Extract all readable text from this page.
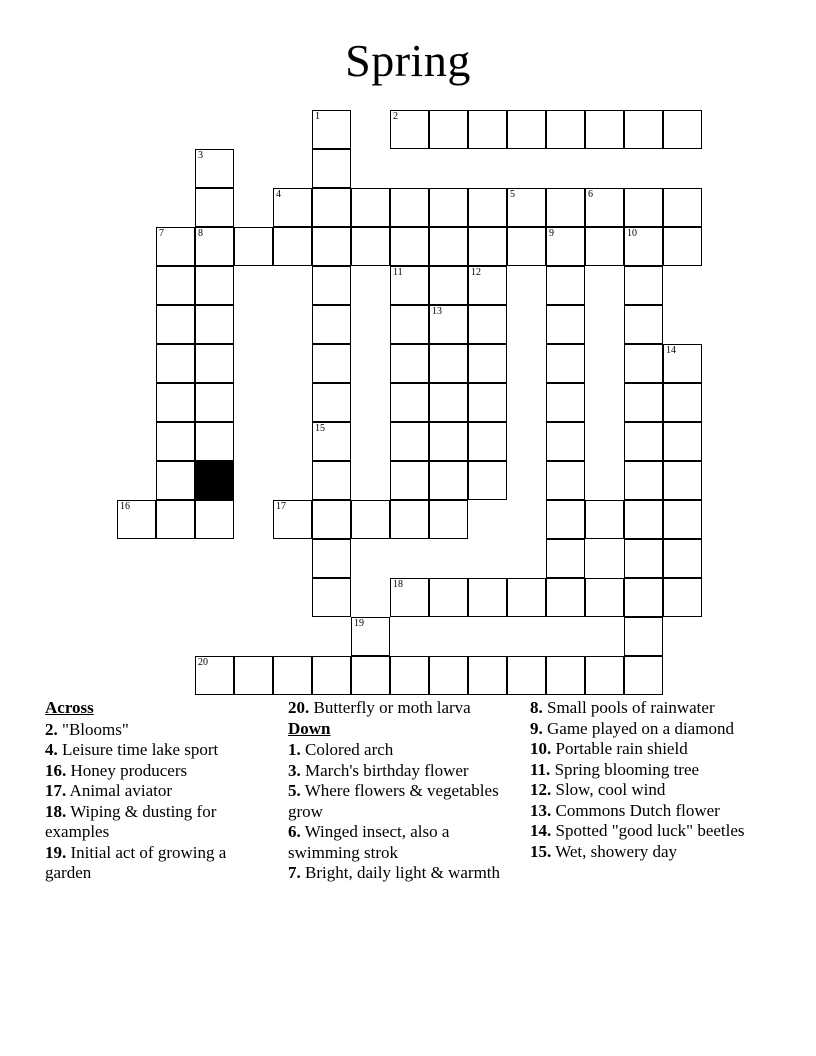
Spring
1	2
3
4	5	6
7	8	9	10
11	12
13
14
15
16	17
18
19
20
Across
2. "Blooms"
4. Leisure time lake sport
16. Honey producers
17. Animal aviator
18. Wiping & dusting for examples
19. Initial act of growing a garden
20. Butterfly or moth larva
Down
1. Colored arch
3. March's birthday flower
5. Where flowers & vegetables grow
6. Winged insect, also a swimming strok
7. Bright, daily light & warmth
8. Small pools of rainwater
9. Game played on a diamond
10. Portable rain shield
11. Spring blooming tree
12. Slow, cool wind
13. Commons Dutch flower
14. Spotted "good luck" beetles
15. Wet, showery day
